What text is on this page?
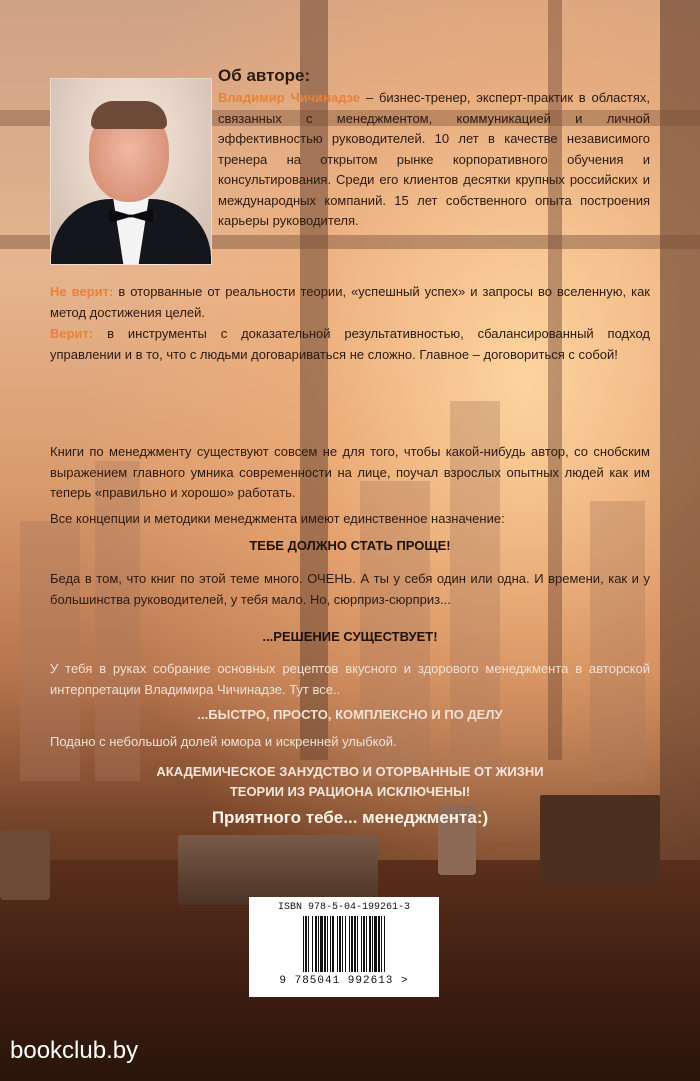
Об авторе:

Владимир Чичинадзе – бизнес-тренер, эксперт-практик в областях, связанных с менеджментом, коммуникацией и личной эффективностью руководителей. 10 лет в качестве независимого тренера на открытом рынке корпоративного обучения и консультирования. Среди его клиентов десятки крупных российских и международных компаний. 15 лет собственного опыта построения карьеры руководителя.

Не верит: в оторванные от реальности теории, «успешный успех» и запросы во вселенную, как метод достижения целей.

Верит: в инструменты с доказательной результативностью, сбалансированный подход управлении и в то, что с людьми договариваться не сложно. Главное – договориться с собой!

Книги по менеджменту существуют совсем не для того, чтобы какой-нибудь автор, со снобским выражением главного умника современности на лице, поучал взрослых опытных людей как им теперь «правильно и хорошо» работать.

Все концепции и методики менеджмента имеют единственное назначение:

ТЕБЕ ДОЛЖНО СТАТЬ ПРОЩЕ!

Беда в том, что книг по этой теме много. ОЧЕНЬ. А ты у себя один или одна. И времени, как и у большинства руководителей, у тебя мало. Но, сюрприз-сюрприз...

...РЕШЕНИЕ СУЩЕСТВУЕТ!

У тебя в руках собрание основных рецептов вкусного и здорового менеджмента в авторской интерпретации Владимира Чичинадзе. Тут все..

...БЫСТРО, ПРОСТО, КОМПЛЕКСНО И ПО ДЕЛУ

Подано с небольшой долей юмора и искренней улыбкой.

АКАДЕМИЧЕСКОЕ ЗАНУДСТВО И ОТОРВАННЫЕ ОТ ЖИЗНИ ТЕОРИИ ИЗ РАЦИОНА ИСКЛЮЧЕНЫ!

Приятного тебе... менеджмента:)

ISBN 978-5-04-199261-3

9 785041 992613 >

bookclub.by
